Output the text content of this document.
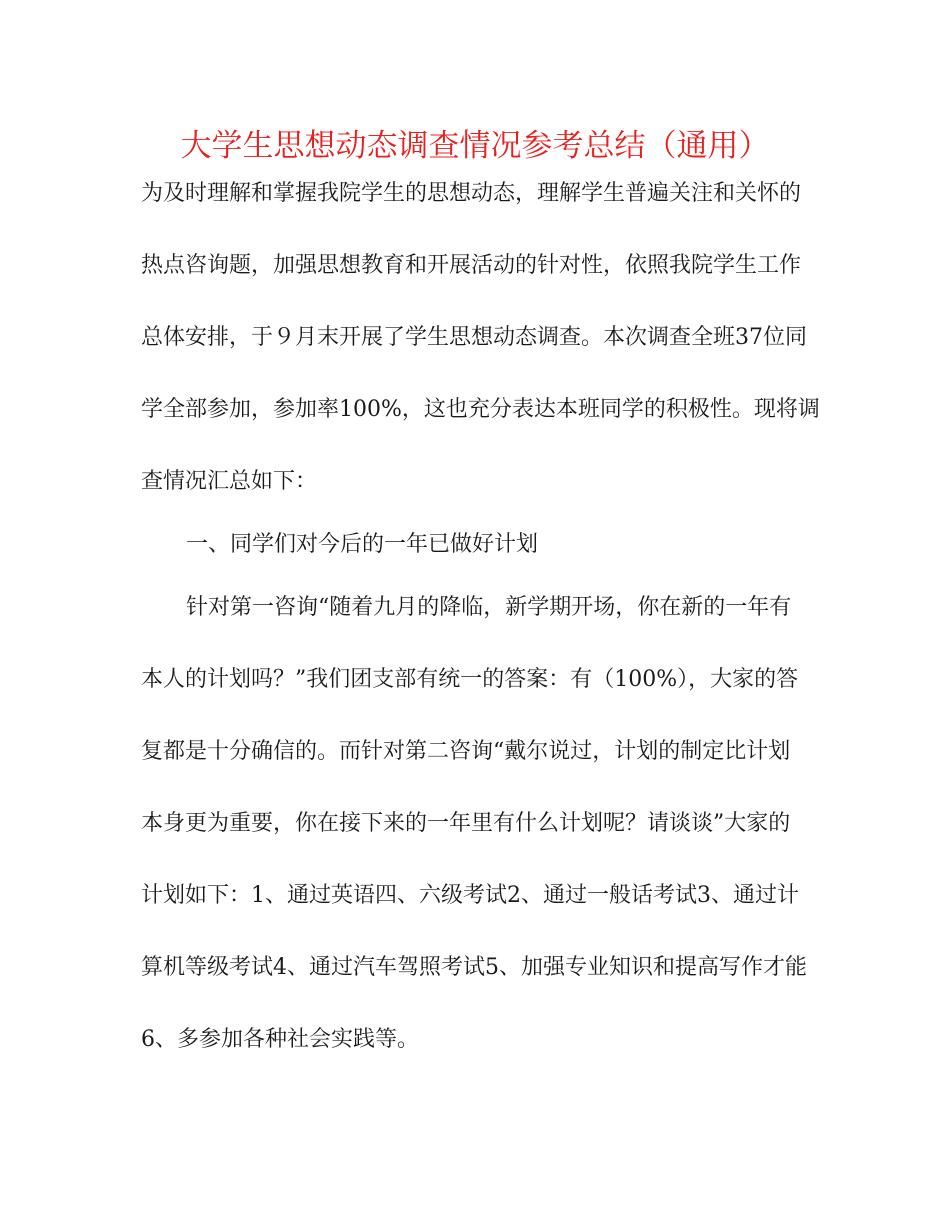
大学生思想动态调查情况参考总结（通用）
为及时理解和掌握我院学生的思想动态，理解学生普遍关注和关怀的
热点咨询题，加强思想教育和开展活动的针对性，依照我院学生工作
总体安排，于９月末开展了学生思想动态调查。本次调查全班37位同
学全部参加，参加率100%，这也充分表达本班同学的积极性。现将调
查情况汇总如下：
一、同学们对今后的一年已做好计划
针对第一咨询“随着九月的降临，新学期开场，你在新的一年有
本人的计划吗？”我们团支部有统一的答案：有（100%），大家的答
复都是十分确信的。而针对第二咨询“戴尔说过，计划的制定比计划
本身更为重要，你在接下来的一年里有什么计划呢？请谈谈”大家的
计划如下：1、通过英语四、六级考试2、通过一般话考试3、通过计
算机等级考试4、通过汽车驾照考试5、加强专业知识和提高写作才能
6、多参加各种社会实践等。
